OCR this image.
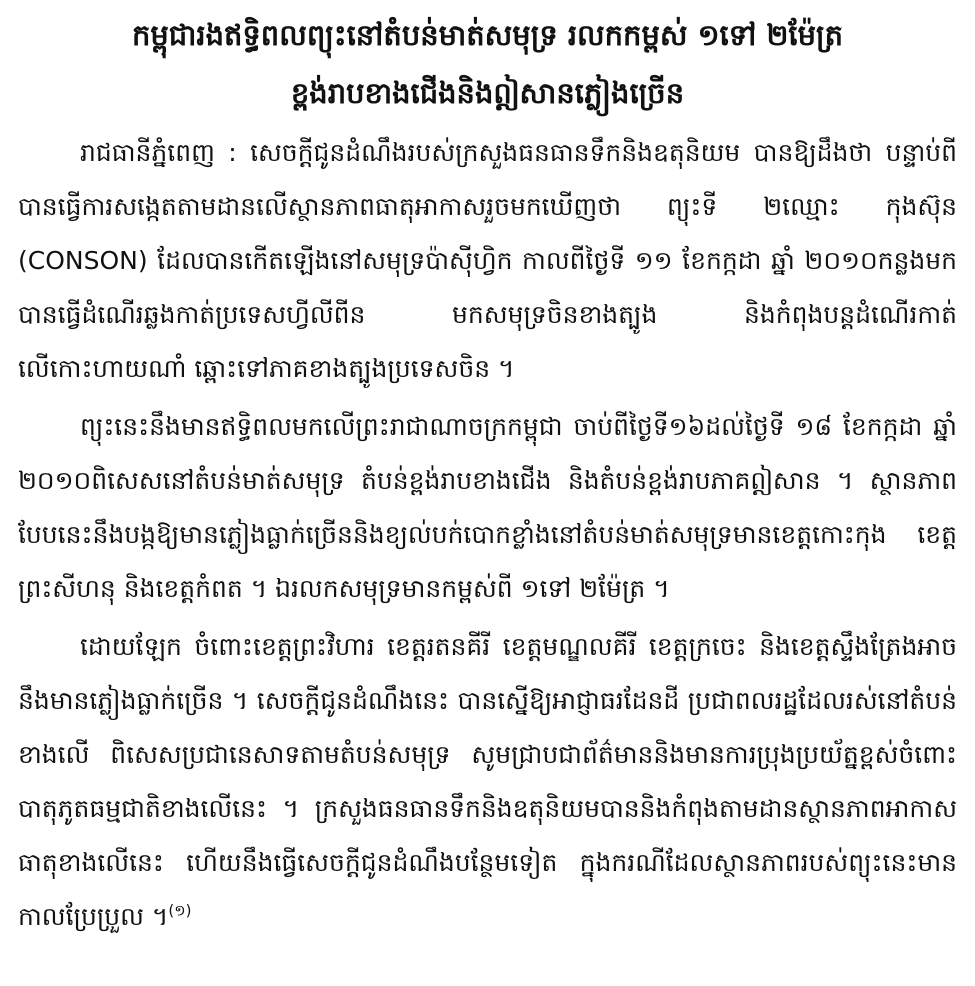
កម្ពុជារងឥទ្ធិពលព្យុះនៅតំបន់មាត់សមុទ្រ រលកកម្ពស់ ១ទៅ ២ម៉ែត្រ
ខ្ពង់រាបខាងជើងនិងឦសានភ្លៀងច្រើន

រាជធានីភ្នំពេញ : សេចក្តីជូនដំណឹងរបស់ក្រសួងធនធានទឹកនិងឧតុនិយម បានឱ្យដឹងថា បន្ទាប់ពីបានធ្វើការសង្កេតតាមដានលើស្ថានភាពធាតុអាកាសរួចមកឃើញថា ព្យុះទី ២ឈ្មោះ កុងស៊ុន (CONSON) ដែលបានកើតឡើងនៅសមុទ្រប៉ាស៊ីហ្វិក កាលពីថ្ងៃទី ១១ ខែកក្កដា ឆ្នាំ ២០១០កន្លងមក បានធ្វើដំណើរឆ្លងកាត់ប្រទេសហ្វីលីពីន មកសមុទ្រចិនខាងត្បូង និងកំពុងបន្តដំណើរកាត់លើកោះហាយណាំ ឆ្ពោះទៅភាគខាងត្បូងប្រទេសចិន ។

ព្យុះនេះនឹងមានឥទ្ធិពលមកលើព្រះរាជាណាចក្រកម្ពុជា ចាប់ពីថ្ងៃទី១៦ដល់ថ្ងៃទី ១៨ ខែកក្កដា ឆ្នាំ ២០១០ពិសេសនៅតំបន់មាត់សមុទ្រ តំបន់ខ្ពង់រាបខាងជើង និងតំបន់ខ្ពង់រាបភាគឦសាន ។ ស្ថានភាពបែបនេះនឹងបង្កឱ្យមានភ្លៀងធ្លាក់ច្រើននិងខ្យល់បក់បោកខ្លាំងនៅតំបន់មាត់សមុទ្រមានខេត្តកោះកុង ខេត្តព្រះសីហនុ និងខេត្តកំពត ។ ឯរលកសមុទ្រមានកម្ពស់ពី ១ទៅ ២ម៉ែត្រ ។

ដោយឡែក ចំពោះខេត្តព្រះវិហារ ខេត្តរតនគីរី ខេត្តមណ្ឌលគីរី ខេត្តក្រចេះ និងខេត្តស្ទឹងត្រែងអាចនឹងមានភ្លៀងធ្លាក់ច្រើន ។ សេចក្តីជូនដំណឹងនេះ បានស្នើឱ្យអាជ្ញាធរដែនដី ប្រជាពលរដ្ឋដែលរស់នៅតំបន់ខាងលើ ពិសេសប្រជានេសាទតាមតំបន់សមុទ្រ សូមជ្រាបជាព័ត៌មាននិងមានការប្រុងប្រយ័ត្នខ្ពស់ចំពោះបាតុភូតធម្មជាតិខាងលើនេះ ។ ក្រសួងធនធានទឹកនិងឧតុនិយមបាននិងកំពុងតាមដានស្ថានភាពអាកាសធាតុខាងលើនេះ ហើយនឹងធ្វើសេចក្តីជូនដំណឹងបន្ថែមទៀត ក្នុងករណីដែលស្ថានភាពរបស់ព្យុះនេះមានកាលប្រែប្រួល ។$^{(១)}$
